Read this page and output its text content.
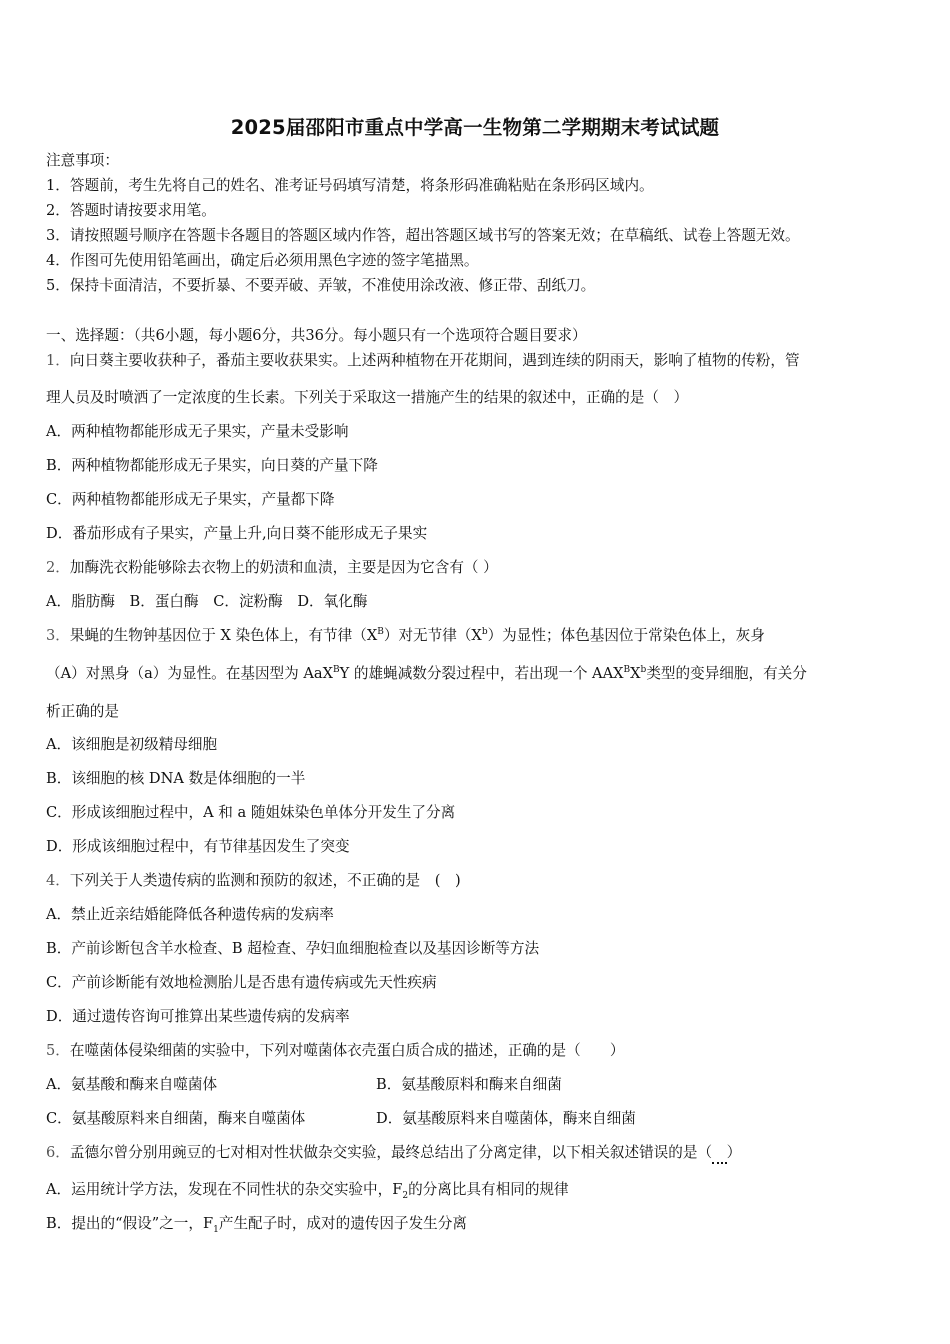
2025届邵阳市重点中学高一生物第二学期期末考试试题
注意事项：
1．答题前，考生先将自己的姓名、准考证号码填写清楚，将条形码准确粘贴在条形码区域内。
2．答题时请按要求用笔。
3．请按照题号顺序在答题卡各题目的答题区域内作答，超出答题区域书写的答案无效；在草稿纸、试卷上答题无效。
4．作图可先使用铅笔画出，确定后必须用黑色字迹的签字笔描黑。
5．保持卡面清洁，不要折暴、不要弄破、弄皱，不准使用涂改液、修正带、刮纸刀。
一、选择题：（共6小题，每小题6分，共36分。每小题只有一个选项符合题目要求）
1．向日葵主要收获种子，番茄主要收获果实。上述两种植物在开花期间，遇到连续的阴雨天，影响了植物的传粉，管
理人员及时喷洒了一定浓度的生长素。下列关于采取这一措施产生的结果的叙述中，正确的是（　）
A．两种植物都能形成无子果实，产量未受影响
B．两种植物都能形成无子果实，向日葵的产量下降
C．两种植物都能形成无子果实，产量都下降
D．番茄形成有子果实，产量上升,向日葵不能形成无子果实
2．加酶洗衣粉能够除去衣物上的奶渍和血渍，主要是因为它含有（ ）
A．脂肪酶　B．蛋白酶　C．淀粉酶　D．氧化酶
3．果蝇的生物钟基因位于 X 染色体上，有节律$(X^B)$对无节律$(X^b)$为显性；体色基因位于常染色体上，灰身
（A）对黑身（a）为显性。在基因型为 AaX$^B$Y 的雄蝇减数分裂过程中，若出现一个 $AAX^BX^b$类型的变异细胞，有关分
析正确的是
A．该细胞是初级精母细胞
B．该细胞的核 DNA 数是体细胞的一半
C．形成该细胞过程中，A 和 a 随姐妹染色单体分开发生了分离
D．形成该细胞过程中，有节律基因发生了突变
4．下列关于人类遗传病的监测和预防的叙述，不正确的是　(　)
A．禁止近亲结婚能降低各种遗传病的发病率
B．产前诊断包含羊水检查、B 超检查、孕妇血细胞检查以及基因诊断等方法
C．产前诊断能有效地检测胎儿是否患有遗传病或先天性疾病
D．通过遗传咨询可推算出某些遗传病的发病率
5．在噬菌体侵染细菌的实验中，下列对噬菌体衣壳蛋白质合成的描述，正确的是（　　）
A．氨基酸和酶来自噬菌体	B．氨基酸原料和酶来自细菌
C．氨基酸原料来自细菌，酶来自噬菌体	D．氨基酸原料来自噬菌体，酶来自细菌
6．孟德尔曾分别用豌豆的七对相对性状做杂交实验，最终总结出了分离定律，以下相关叙述错误的是（　 ）
A．运用统计学方法，发现在不同性状的杂交实验中，$F_2$的分离比具有相同的规律
B．提出的“假设”之一，$F_1$产生配子时，成对的遗传因子发生分离
